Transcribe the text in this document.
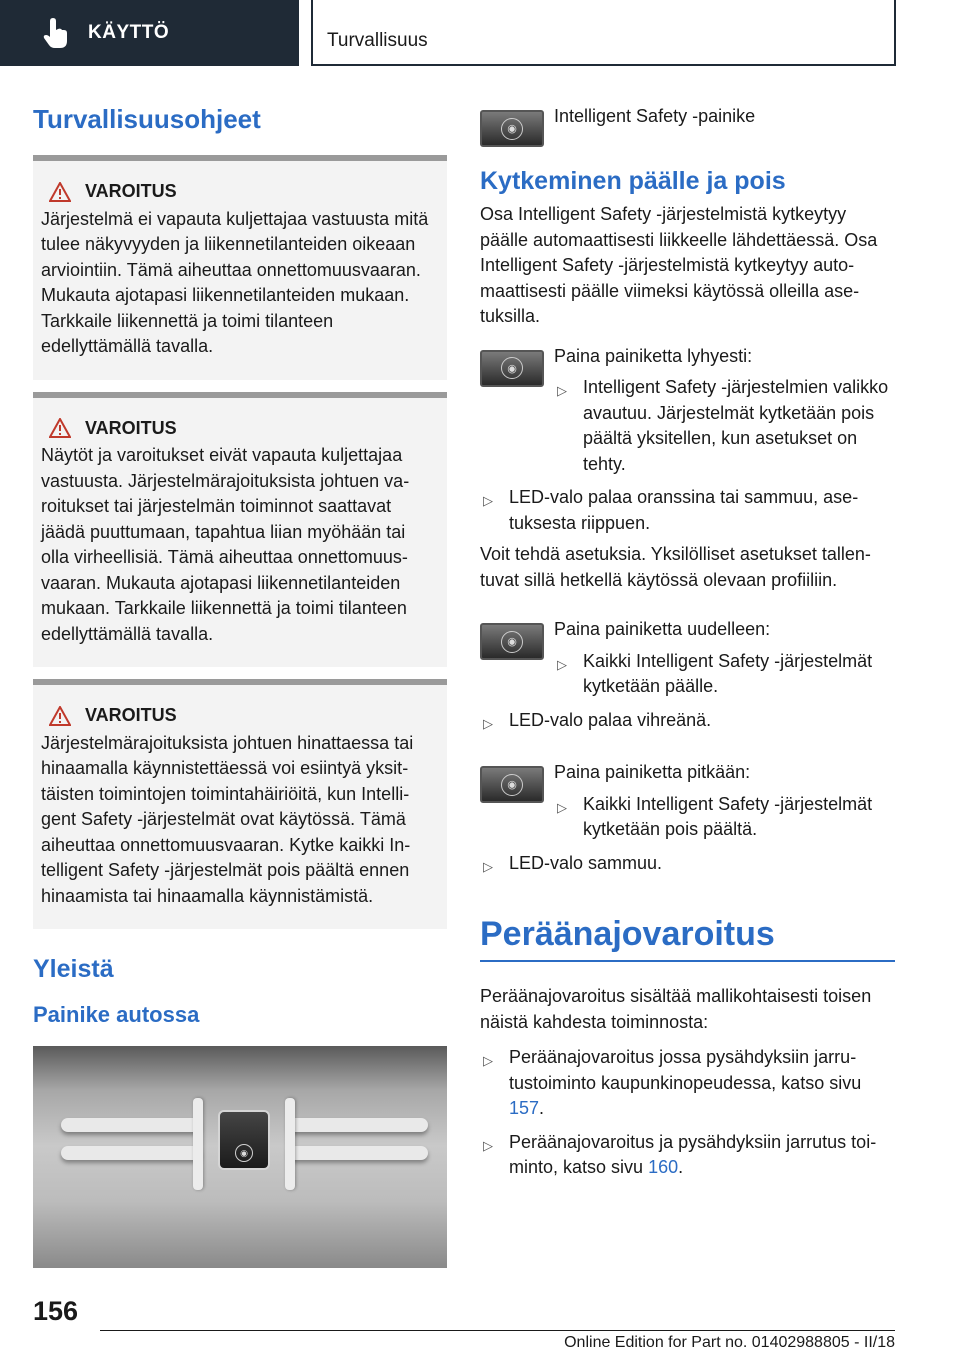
KÄYTTÖ	Turvallisuus
Turvallisuusohjeet
VAROITUS
Järjestelmä ei vapauta kuljettajaa vastuusta mitä tulee näkyvyyden ja liikennetilanteiden oikeaan arviointiin. Tämä aiheuttaa onnettomuusvaaran. Mukauta ajotapasi liikennetilanteiden mukaan. Tarkkaile liikennettä ja toimi tilanteen edellyttämällä tavalla.
VAROITUS
Näytöt ja varoitukset eivät vapauta kuljettajaa vastuusta. Järjestelmärajoituksista johtuen varoitukset tai järjestelmän toiminnot saattavat jäädä puuttumaan, tapahtua liian myöhään tai olla virheellisiä. Tämä aiheuttaa onnettomuusvaaran. Mukauta ajotapasi liikennetilanteiden mukaan. Tarkkaile liikennettä ja toimi tilanteen edellyttämällä tavalla.
VAROITUS
Järjestelmärajoituksista johtuen hinattaessa tai hinaamalla käynnistettäessä voi esiintyä yksittäisten toimintojen toimintahäiriöitä, kun Intelligent Safety -järjestelmät ovat käytössä. Tämä aiheuttaa onnettomuusvaaran. Kytke kaikki Intelligent Safety -järjestelmät pois päältä ennen hinaamista tai hinaamalla käynnistämistä.
Yleistä
Painike autossa
◉
◉
Intelligent Safety -painike
Kytkeminen päälle ja pois

Osa Intelligent Safety -järjestelmistä kytkeytyy päälle automaattisesti liikkeelle lähdettäessä. Osa Intelligent Safety -järjestelmistä kytkeytyy automaattisesti päälle viimeksi käytössä olleilla asetuksilla.

◉
Paina painiketta lyhyesti:
▷ Intelligent Safety -järjestelmien valikko avautuu. Järjestelmät kytketään pois päältä yksitellen, kun asetukset on tehty.
▷ LED-valo palaa oranssina tai sammuu, asetuksesta riippuen.

Voit tehdä asetuksia. Yksilölliset asetukset tallentuvat sillä hetkellä käytössä olevaan profiiliin.

◉
Paina painiketta uudelleen:
▷ Kaikki Intelligent Safety -järjestelmät kytketään päälle.
▷ LED-valo palaa vihreänä.
◉
Paina painiketta pitkään:
▷ Kaikki Intelligent Safety -järjestelmät kytketään pois päältä.
▷ LED-valo sammuu.
Peräänajovaroitus

Peräänajovaroitus sisältää mallikohtaisesti toisen näistä kahdesta toiminnosta:

▷ Peräänajovaroitus jossa pysähdyksiin jarrutustoiminto kaupunkinopeudessa, katso sivu 157.
▷ Peräänajovaroitus ja pysähdyksiin jarrutus toiminto, katso sivu 160.
156
Online Edition for Part no. 01402988805 - II/18
